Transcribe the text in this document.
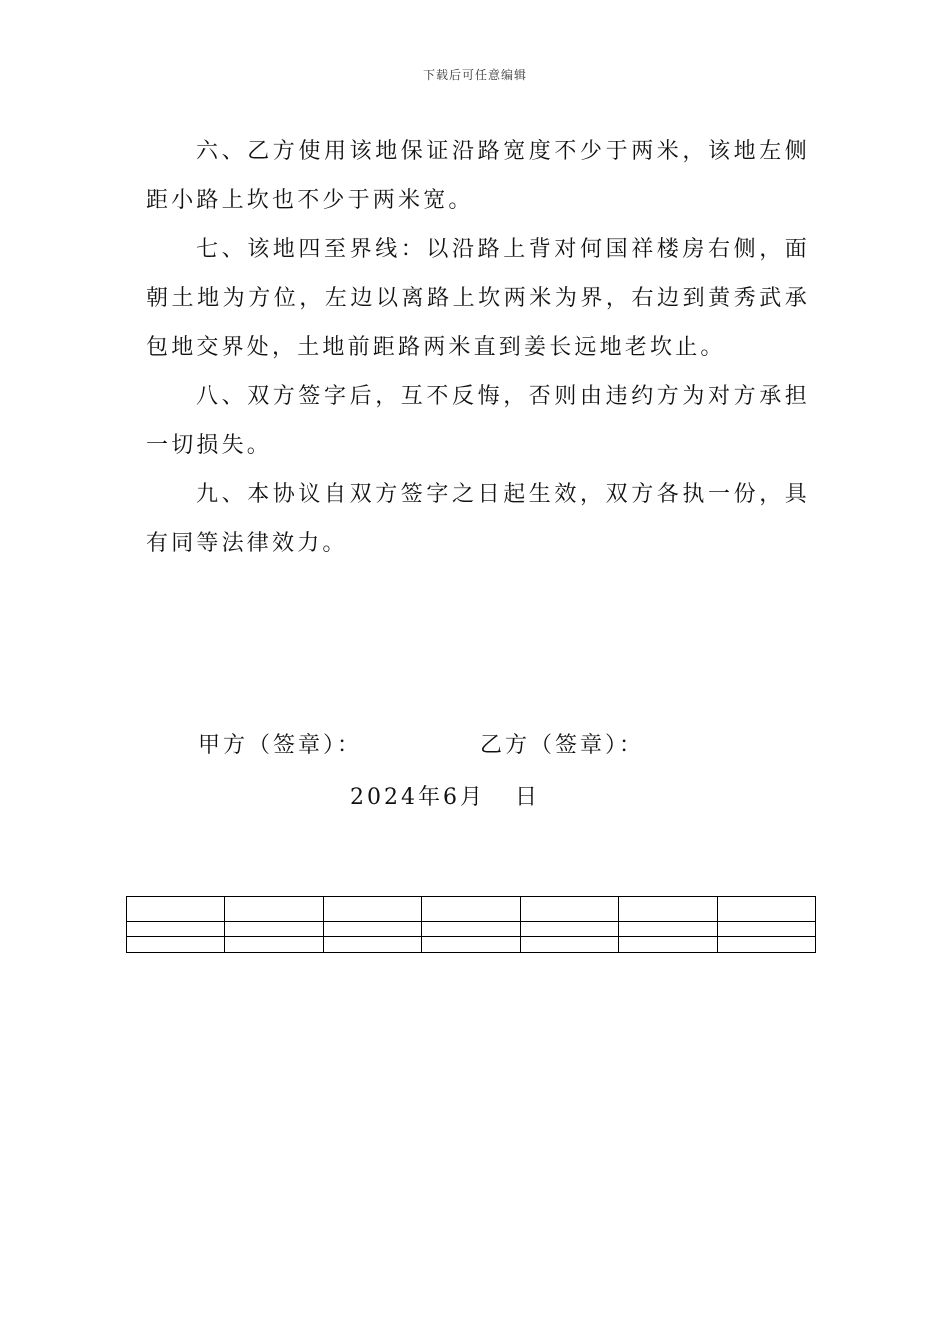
下载后可任意编辑

六、乙方使用该地保证沿路宽度不少于两米，该地左侧距小路上坎也不少于两米宽。

七、该地四至界线：以沿路上背对何国祥楼房右侧，面朝土地为方位，左边以离路上坎两米为界，右边到黄秀武承包地交界处，土地前距路两米直到姜长远地老坎止。

八、双方签字后，互不反悔，否则由违约方为对方承担一切损失。

九、本协议自双方签字之日起生效，双方各执一份，具有同等法律效力。

甲方（签章）：	乙方（签章）：
2024年6月   日
